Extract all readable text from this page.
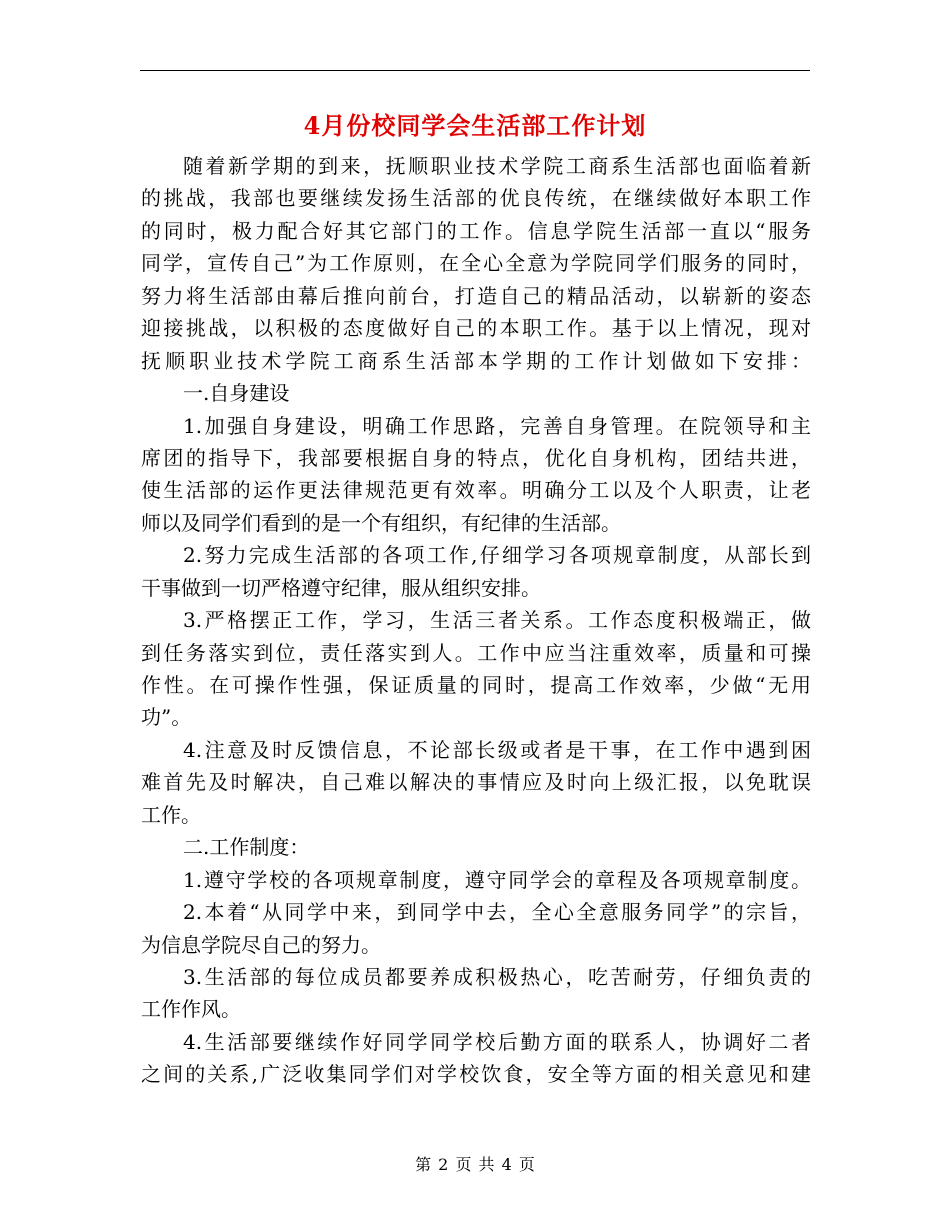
4月份校同学会生活部工作计划
随着新学期的到来，抚顺职业技术学院工商系生活部也面临着新
的挑战，我部也要继续发扬生活部的优良传统，在继续做好本职工作
的同时，极力配合好其它部门的工作。信息学院生活部一直以“服务
同学，宣传自己”为工作原则，在全心全意为学院同学们服务的同时，
努力将生活部由幕后推向前台，打造自己的精品活动，以崭新的姿态
迎接挑战，以积极的态度做好自己的本职工作。基于以上情况，现对
抚顺职业技术学院工商系生活部本学期的工作计划做如下安排：
一.自身建设
1.加强自身建设，明确工作思路，完善自身管理。在院领导和主
席团的指导下，我部要根据自身的特点，优化自身机构，团结共进，
使生活部的运作更法律规范更有效率。明确分工以及个人职责，让老
师以及同学们看到的是一个有组织，有纪律的生活部。
2.努力完成生活部的各项工作,仔细学习各项规章制度，从部长到
干事做到一切严格遵守纪律，服从组织安排。
3.严格摆正工作，学习，生活三者关系。工作态度积极端正，做
到任务落实到位，责任落实到人。工作中应当注重效率，质量和可操
作性。在可操作性强，保证质量的同时，提高工作效率，少做“无用
功”。
4.注意及时反馈信息，不论部长级或者是干事，在工作中遇到困
难首先及时解决，自己难以解决的事情应及时向上级汇报，以免耽误
工作。
二.工作制度：
1.遵守学校的各项规章制度，遵守同学会的章程及各项规章制度。
2.本着“从同学中来，到同学中去，全心全意服务同学”的宗旨，
为信息学院尽自己的努力。
3.生活部的每位成员都要养成积极热心，吃苦耐劳，仔细负责的
工作作风。
4.生活部要继续作好同学同学校后勤方面的联系人，协调好二者
之间的关系,广泛收集同学们对学校饮食，安全等方面的相关意见和建
第 2 页 共 4 页
